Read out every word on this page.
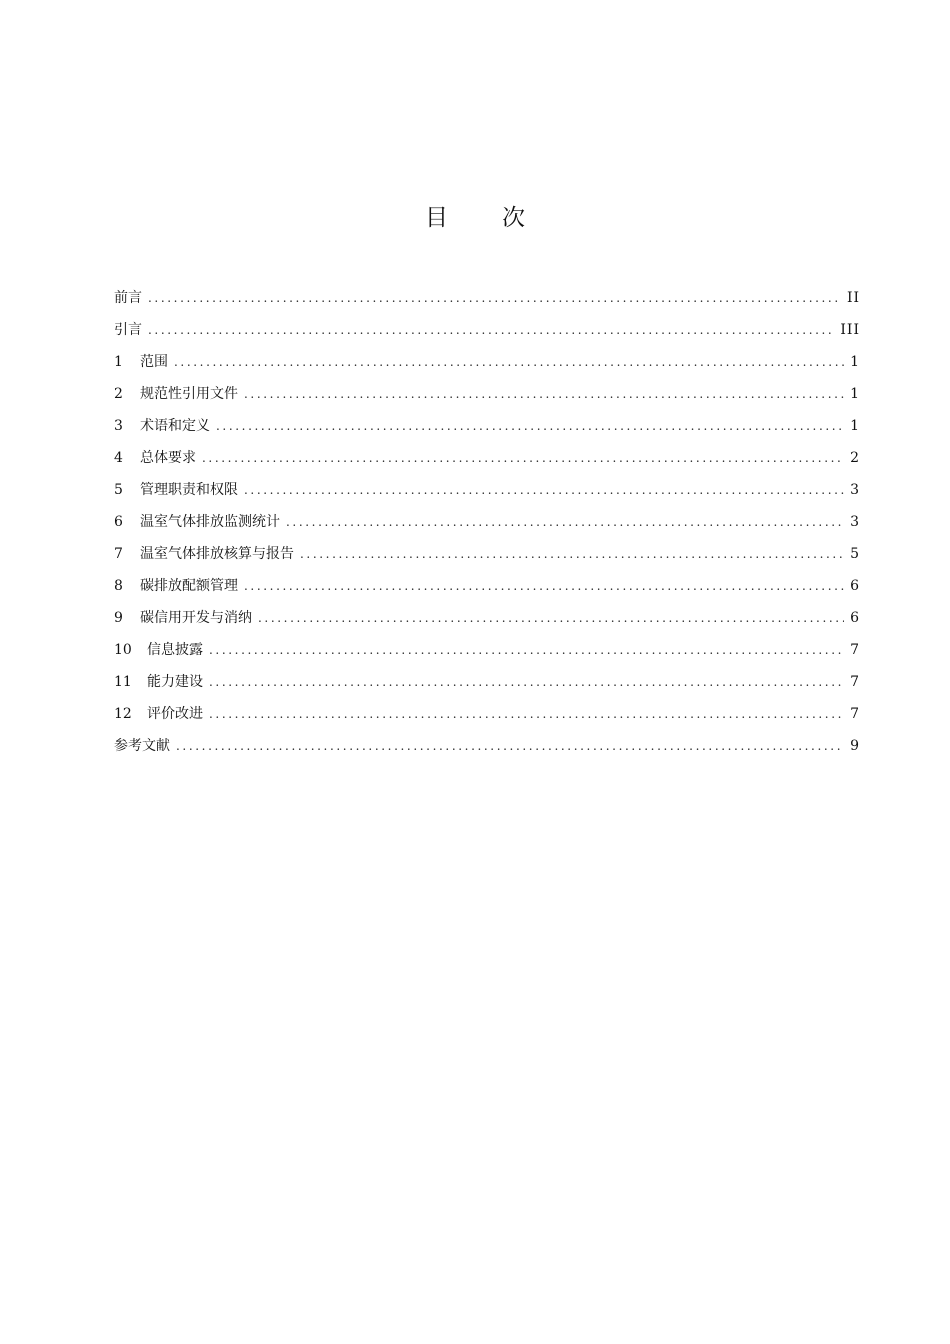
目 次
前言 .....	II
引言 .....	III
1	范围 .....	1
2	规范性引用文件 .....	1
3	术语和定义 .....	1
4	总体要求 .....	2
5	管理职责和权限 .....	3
6	温室气体排放监测统计 .....	3
7	温室气体排放核算与报告 .....	5
8	碳排放配额管理 .....	6
9	碳信用开发与消纳 .....	6
10	信息披露 .....	7
11	能力建设 .....	7
12	评价改进 .....	7
参考文献 .....	9
